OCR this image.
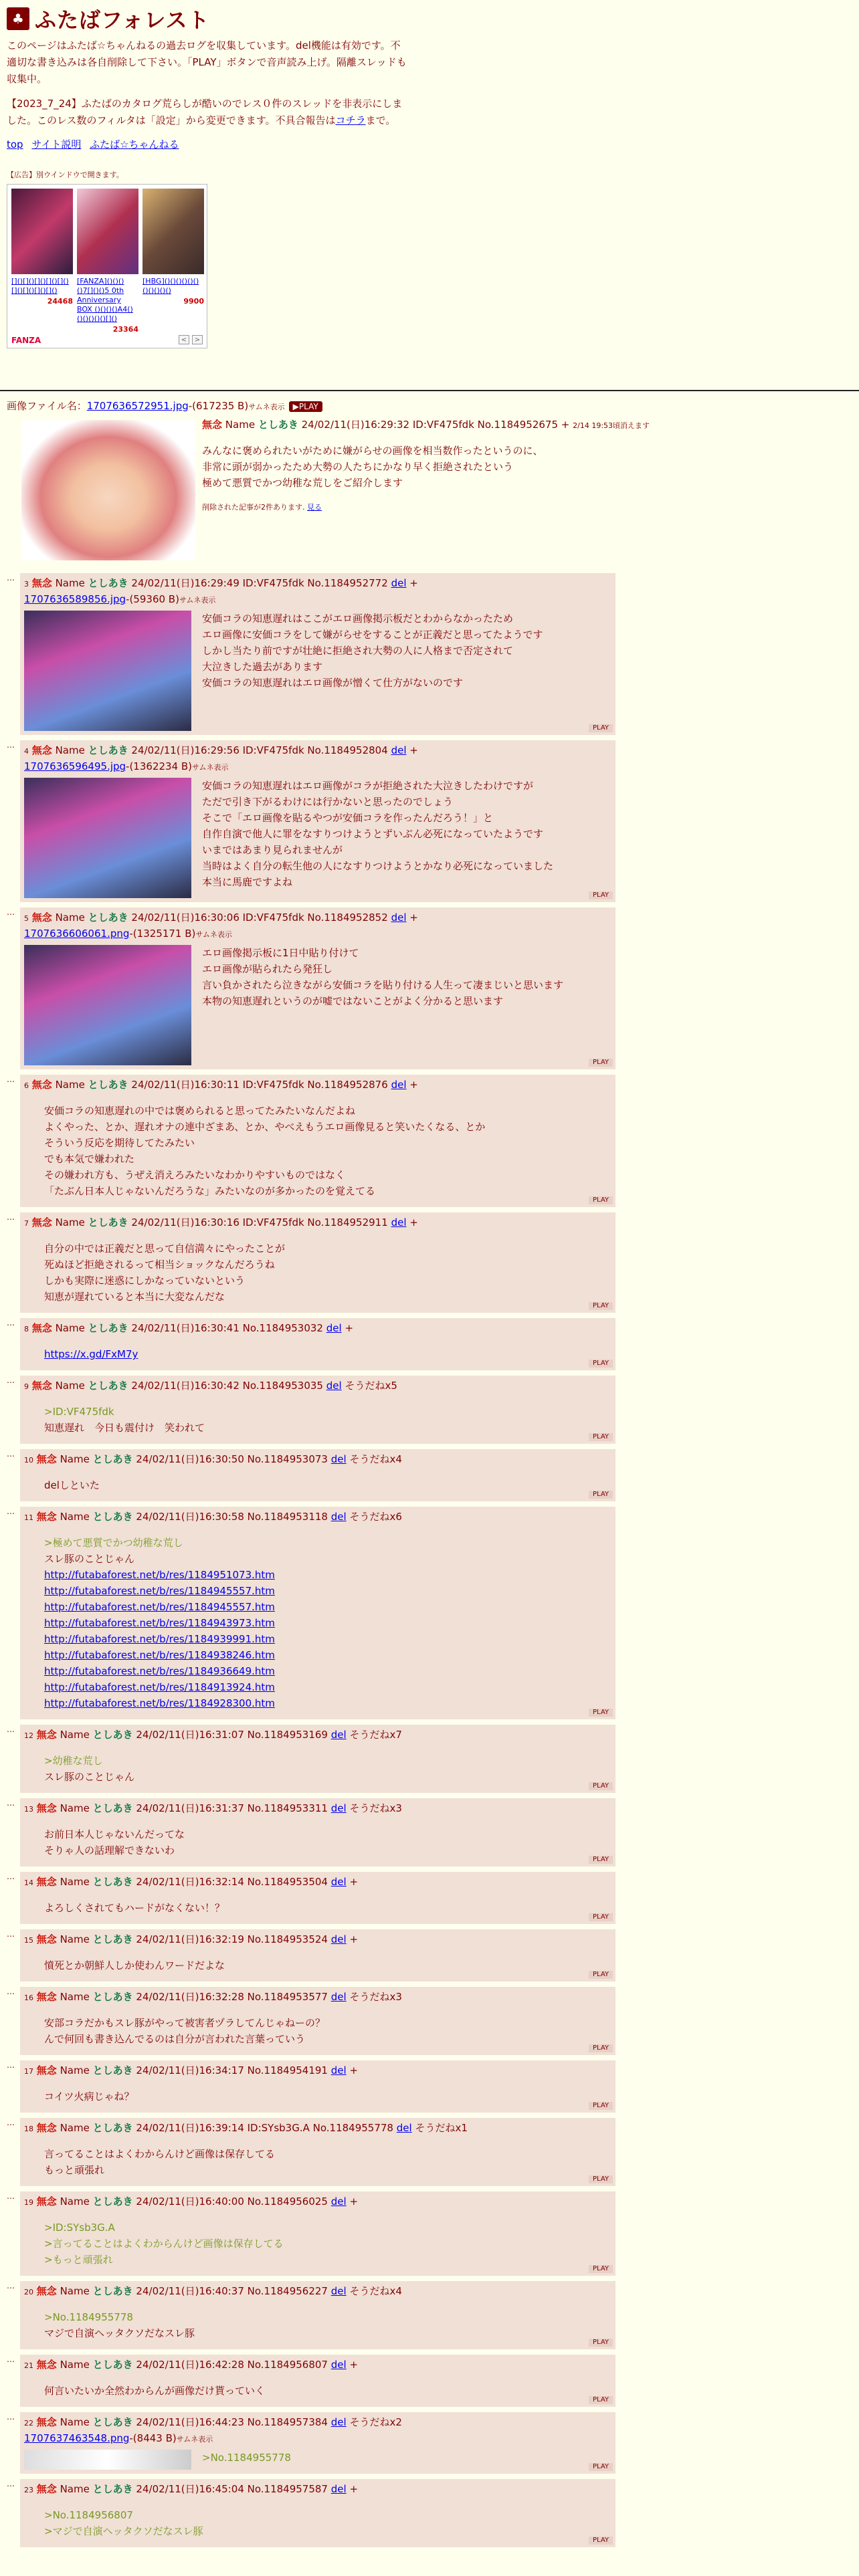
♣ ふたばフォレスト

このページはふたば☆ちゃんねるの過去ログを収集しています。del機能は有効です。不適切な書き込みは各自削除して下さい。「PLAY」ボタンで音声読み上げ。隔離スレッドも収集中。

【2023_7_24】ふたばのカタログ荒らしが酷いのでレス０件のスレッドを非表示にしました。このレス数のフィルタは「設定」から変更できます。不具合報告はコチラまで。

top サイト説明 ふたば☆ちゃんねる
【広告】別ウインドウで開きます。
[]()[]()[]()[]()[]()[]()[]()[]()[]()
24468
[FANZA]()()()()7[]()()5 0th Anniversary BOX ()()()()A4()()()()()()[]()
23364
[HBG]()()()()()()()()()()()
9900
FANZA	<	>
画像ファイル名：1707636572951.jpg-(617235 B)サムネ表示 ▶PLAY
無念 Name としあき 24/02/11(日)16:29:32 ID:VF475fdk No.1184952675 + 2/14 19:53頃消えます
みんなに褒められたいがために嫌がらせの画像を相当数作ったというのに、
非常に頭が弱かったため大勢の人たちにかなり早く拒絶されたという
極めて悪質でかつ幼稚な荒しをご紹介します
削除された記事が2件あります. 見る
…
3 無念 Name としあき 24/02/11(日)16:29:49 ID:VF475fdk No.1184952772 del +
1707636589856.jpg-(59360 B)サムネ表示
安価コラの知恵遅れはここがエロ画像掲示板だとわからなかったため
エロ画像に安価コラをして嫌がらせをすることが正義だと思ってたようです
しかし当たり前ですが壮絶に拒絶され大勢の人に人格まで否定されて
大泣きした過去があります
安価コラの知恵遅れはエロ画像が憎くて仕方がないのです
PLAY
…
4 無念 Name としあき 24/02/11(日)16:29:56 ID:VF475fdk No.1184952804 del +
1707636596495.jpg-(1362234 B)サムネ表示
安価コラの知恵遅れはエロ画像がコラが拒絶された大泣きしたわけですが
ただで引き下がるわけには行かないと思ったのでしょう
そこで「エロ画像を貼るやつが安価コラを作ったんだろう！」と
自作自演で他人に罪をなすりつけようとずいぶん必死になっていたようです
いまではあまり見られませんが
当時はよく自分の転生他の人になすりつけようとかなり必死になっていました
本当に馬鹿ですよね
PLAY
…
5 無念 Name としあき 24/02/11(日)16:30:06 ID:VF475fdk No.1184952852 del +
1707636606061.png-(1325171 B)サムネ表示
エロ画像掲示板に1日中貼り付けて
エロ画像が貼られたら発狂し
言い負かされたら泣きながら安価コラを貼り付ける人生って凄まじいと思います
本物の知恵遅れというのが嘘ではないことがよく分かると思います
PLAY
…
6 無念 Name としあき 24/02/11(日)16:30:11 ID:VF475fdk No.1184952876 del +
安価コラの知恵遅れの中では褒められると思ってたみたいなんだよね
よくやった、とか、遅れオナの連中ざまあ、とか、やべえもうエロ画像見ると笑いたくなる、とか
そういう反応を期待してたみたい
でも本気で嫌われた
その嫌われ方も、うぜえ消えろみたいなわかりやすいものではなく
「たぶん日本人じゃないんだろうな」みたいなのが多かったのを覚えてる
PLAY
…
7 無念 Name としあき 24/02/11(日)16:30:16 ID:VF475fdk No.1184952911 del +
自分の中では正義だと思って自信満々にやったことが
死ぬほど拒絶されるって相当ショックなんだろうね
しかも実際に迷惑にしかなっていないという
知恵が遅れていると本当に大変なんだな
PLAY
…
8 無念 Name としあき 24/02/11(日)16:30:41 No.1184953032 del +
https://x.gd/FxM7y
PLAY
…
9 無念 Name としあき 24/02/11(日)16:30:42 No.1184953035 del そうだねx5
>ID:VF475fdk
知恵遅れ　今日も震付け　笑われて
PLAY
…
10 無念 Name としあき 24/02/11(日)16:30:50 No.1184953073 del そうだねx4
delしといた
PLAY
…
11 無念 Name としあき 24/02/11(日)16:30:58 No.1184953118 del そうだねx6
>極めて悪質でかつ幼稚な荒し
スレ豚のことじゃん
http://futabaforest.net/b/res/1184951073.htm
http://futabaforest.net/b/res/1184945557.htm
http://futabaforest.net/b/res/1184945557.htm
http://futabaforest.net/b/res/1184943973.htm
http://futabaforest.net/b/res/1184939991.htm
http://futabaforest.net/b/res/1184938246.htm
http://futabaforest.net/b/res/1184936649.htm
http://futabaforest.net/b/res/1184913924.htm
http://futabaforest.net/b/res/1184928300.htm
PLAY
…
12 無念 Name としあき 24/02/11(日)16:31:07 No.1184953169 del そうだねx7
>幼稚な荒し
スレ豚のことじゃん
PLAY
…
13 無念 Name としあき 24/02/11(日)16:31:37 No.1184953311 del そうだねx3
お前日本人じゃないんだってな
そりゃ人の話理解できないわ
PLAY
…
14 無念 Name としあき 24/02/11(日)16:32:14 No.1184953504 del +
よろしくされてもハードがなくない！？
PLAY
…
15 無念 Name としあき 24/02/11(日)16:32:19 No.1184953524 del +
憤死とか朝鮮人しか使わんワードだよな
PLAY
…
16 無念 Name としあき 24/02/11(日)16:32:28 No.1184953577 del そうだねx3
安部コラだかもスレ豚がやって被害者ヅラしてんじゃねーの？
んで何回も書き込んでるのは自分が言われた言葉っていう
PLAY
…
17 無念 Name としあき 24/02/11(日)16:34:17 No.1184954191 del +
コイツ火病じゃね？
PLAY
…
18 無念 Name としあき 24/02/11(日)16:39:14 ID:SYsb3G.A No.1184955778 del そうだねx1
言ってることはよくわからんけど画像は保存してる
もっと頑張れ
PLAY
…
19 無念 Name としあき 24/02/11(日)16:40:00 No.1184956025 del +
>ID:SYsb3G.A
>言ってることはよくわからんけど画像は保存してる
>もっと頑張れ
PLAY
…
20 無念 Name としあき 24/02/11(日)16:40:37 No.1184956227 del そうだねx4
>No.1184955778
マジで自演ヘッタクソだなスレ豚
PLAY
…
21 無念 Name としあき 24/02/11(日)16:42:28 No.1184956807 del +
何言いたいか全然わからんが画像だけ貰っていく
PLAY
…
22 無念 Name としあき 24/02/11(日)16:44:23 No.1184957384 del そうだねx2
1707637463548.png-(8443 B)サムネ表示
>No.1184955778
PLAY
…
23 無念 Name としあき 24/02/11(日)16:45:04 No.1184957587 del +
>No.1184956807
>マジで自演ヘッタクソだなスレ豚
PLAY
